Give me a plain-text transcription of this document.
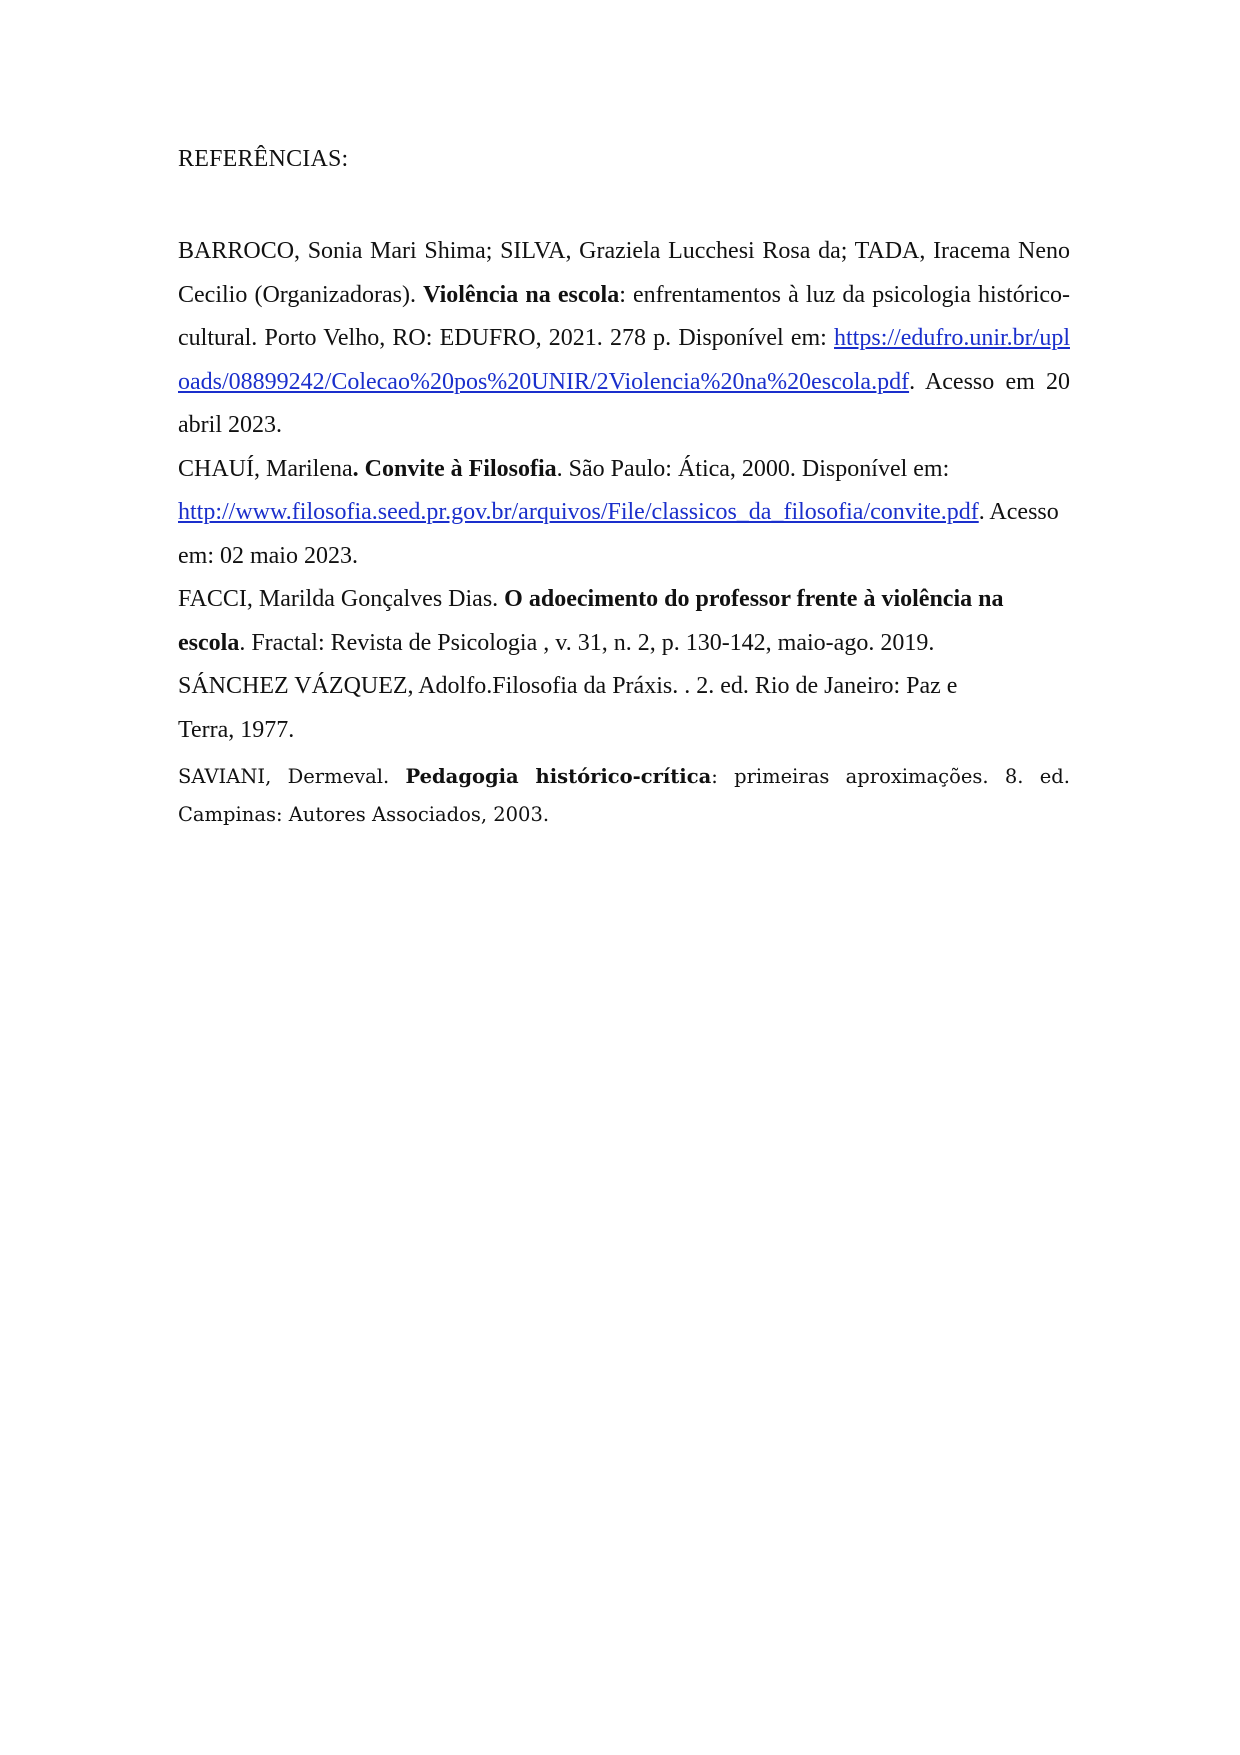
REFERÊNCIAS:

BARROCO, Sonia Mari Shima; SILVA, Graziela Lucchesi Rosa da; TADA, Iracema Neno Cecilio (Organizadoras). Violência na escola: enfrentamentos à luz da psicologia histórico-cultural. Porto Velho, RO: EDUFRO, 2021. 278 p. Disponível em: https://edufro.unir.br/uploads/08899242/Colecao%20pos%20UNIR/2Violencia%20na%20escola.pdf. Acesso em 20 abril 2023.

CHAUÍ, Marilena. Convite à Filosofia. São Paulo: Ática, 2000. Disponível em: http://www.filosofia.seed.pr.gov.br/arquivos/File/classicos_da_filosofia/convite.pdf. Acesso em: 02 maio 2023.

FACCI, Marilda Gonçalves Dias. O adoecimento do professor frente à violência na escola. Fractal: Revista de Psicologia , v. 31, n. 2, p. 130-142, maio-ago. 2019.

SÁNCHEZ VÁZQUEZ, Adolfo.Filosofia da Práxis. . 2. ed. Rio de Janeiro: Paz e Terra, 1977.

SAVIANI, Dermeval. Pedagogia histórico-crítica: primeiras aproximações. 8. ed. Campinas: Autores Associados, 2003.
